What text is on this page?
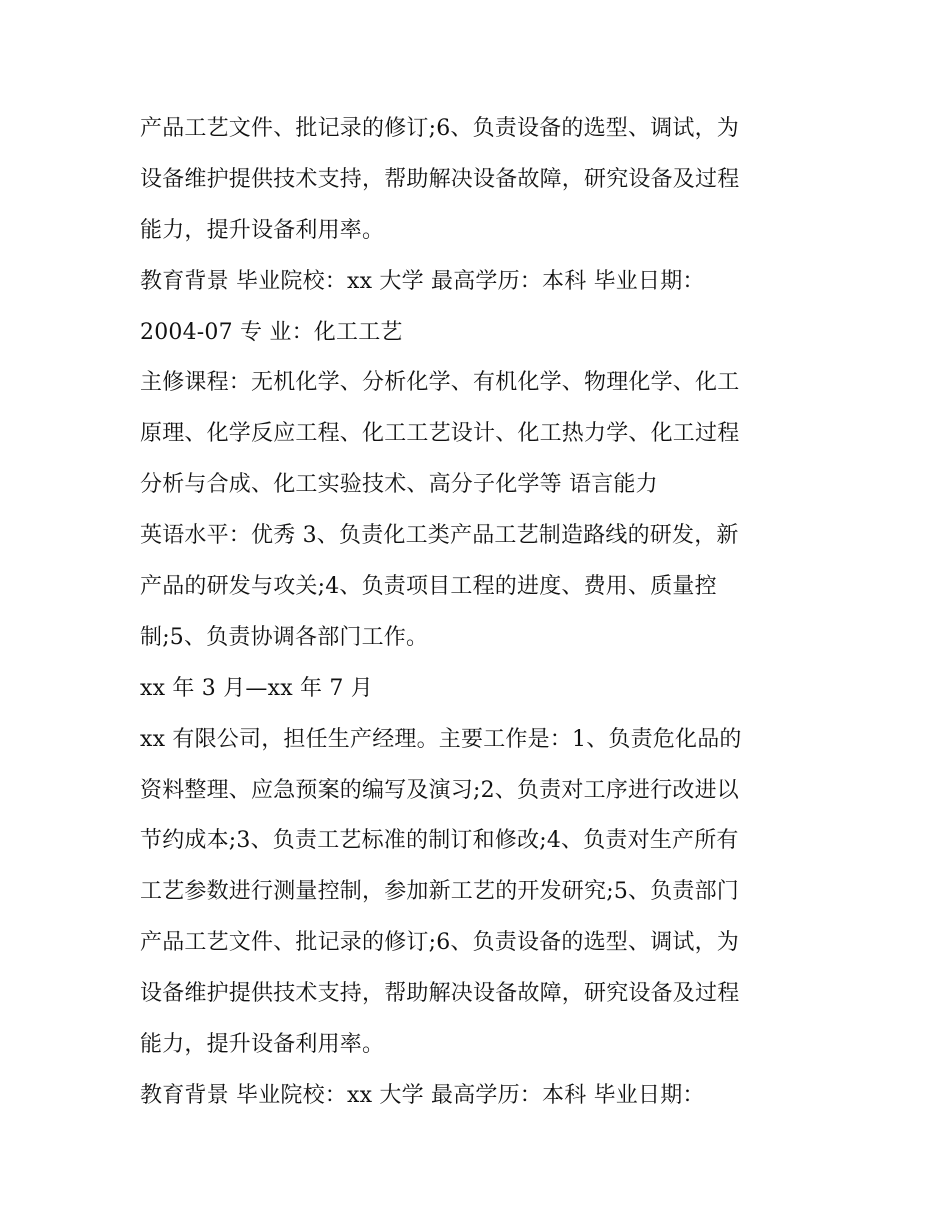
产品工艺文件、批记录的修订;6、负责设备的选型、调试，为
设备维护提供技术支持，帮助解决设备故障，研究设备及过程
能力，提升设备利用率。
教育背景 毕业院校：xx 大学 最高学历：本科 毕业日期：
2004-07 专 业：化工工艺
主修课程：无机化学、分析化学、有机化学、物理化学、化工
原理、化学反应工程、化工工艺设计、化工热力学、化工过程
分析与合成、化工实验技术、高分子化学等 语言能力
英语水平：优秀 3、负责化工类产品工艺制造路线的研发，新
产品的研发与攻关;4、负责项目工程的进度、费用、质量控
制;5、负责协调各部门工作。
xx 年 3 月—xx 年 7 月
xx 有限公司，担任生产经理。主要工作是：1、负责危化品的
资料整理、应急预案的编写及演习;2、负责对工序进行改进以
节约成本;3、负责工艺标准的制订和修改;4、负责对生产所有
工艺参数进行测量控制，参加新工艺的开发研究;5、负责部门
产品工艺文件、批记录的修订;6、负责设备的选型、调试，为
设备维护提供技术支持，帮助解决设备故障，研究设备及过程
能力，提升设备利用率。
教育背景 毕业院校：xx 大学 最高学历：本科 毕业日期：
